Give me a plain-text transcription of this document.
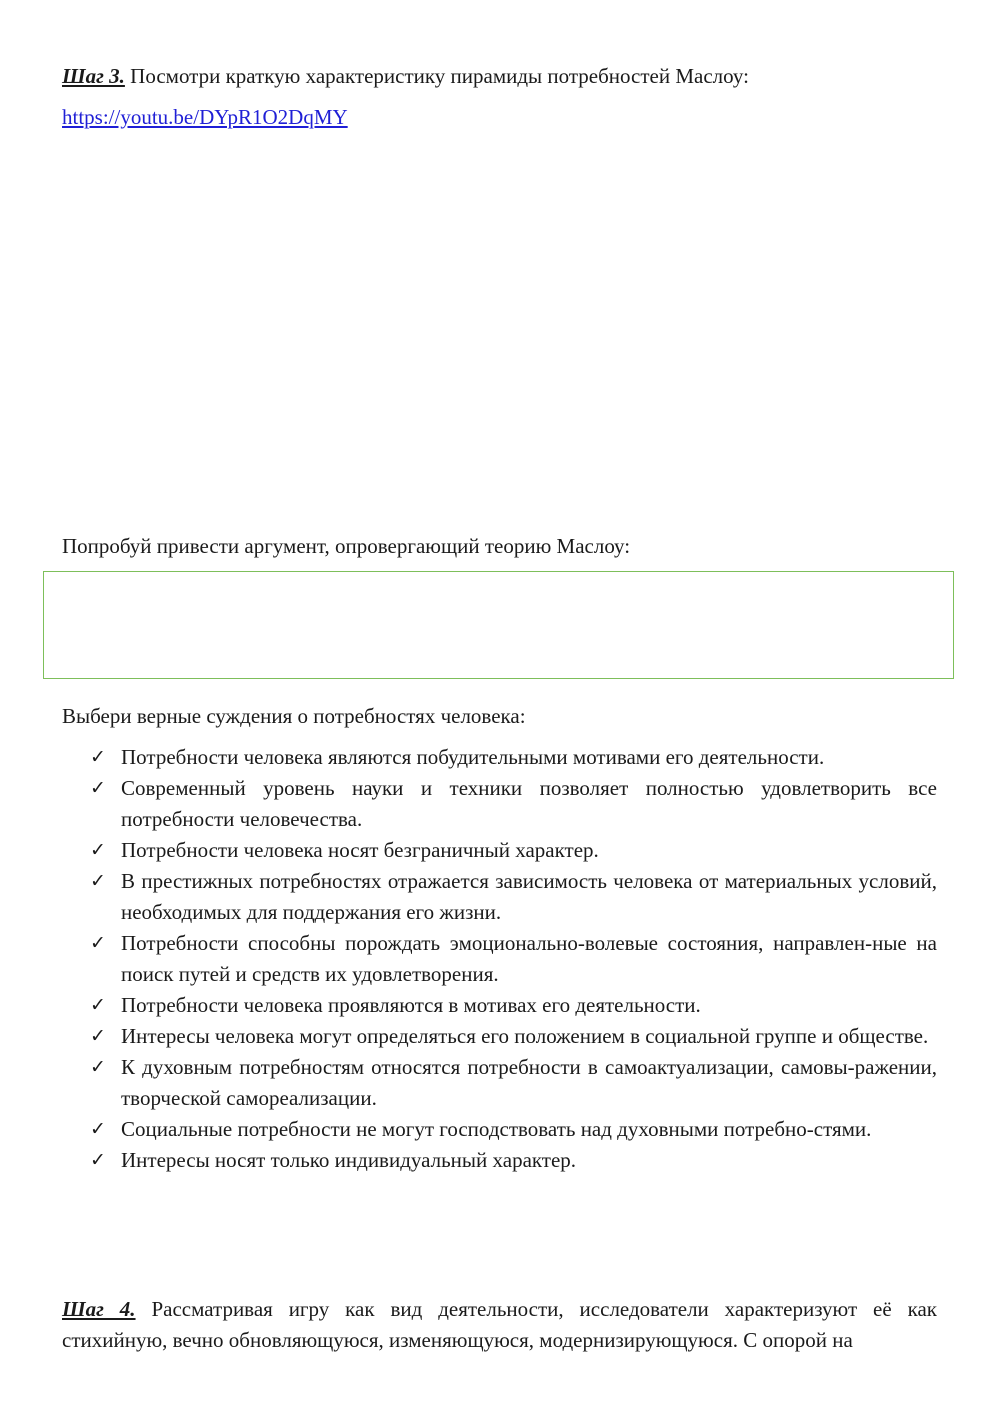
Шаг 3. Посмотри краткую характеристику пирамиды потребностей Маслоу:
https://youtu.be/DYpR1O2DqMY
Попробуй привести аргумент, опровергающий теорию Маслоу:
Выбери верные суждения о потребностях человека:
✓ Потребности человека являются побудительными мотивами его деятельности.
✓ Современный уровень науки и техники позволяет полностью удовлетворить все потребности человечества.
✓ Потребности человека носят безграничный характер.
✓ В престижных потребностях отражается зависимость человека от материальных условий, необходимых для поддержания его жизни.
✓ Потребности способны порождать эмоционально-волевые состояния, направлен-ные на поиск путей и средств их удовлетворения.
✓ Потребности человека проявляются в мотивах его деятельности.
✓ Интересы человека могут определяться его положением в социальной группе и обществе.
✓ К духовным потребностям относятся потребности в самоактуализации, самовы-ражении, творческой самореализации.
✓ Социальные потребности не могут господствовать над духовными потребно-стями.
✓ Интересы носят только индивидуальный характер.

Шаг 4. Рассматривая игру как вид деятельности, исследователи характеризуют её как стихийную, вечно обновляющуюся, изменяющуюся, модернизирующуюся. С опорой на
